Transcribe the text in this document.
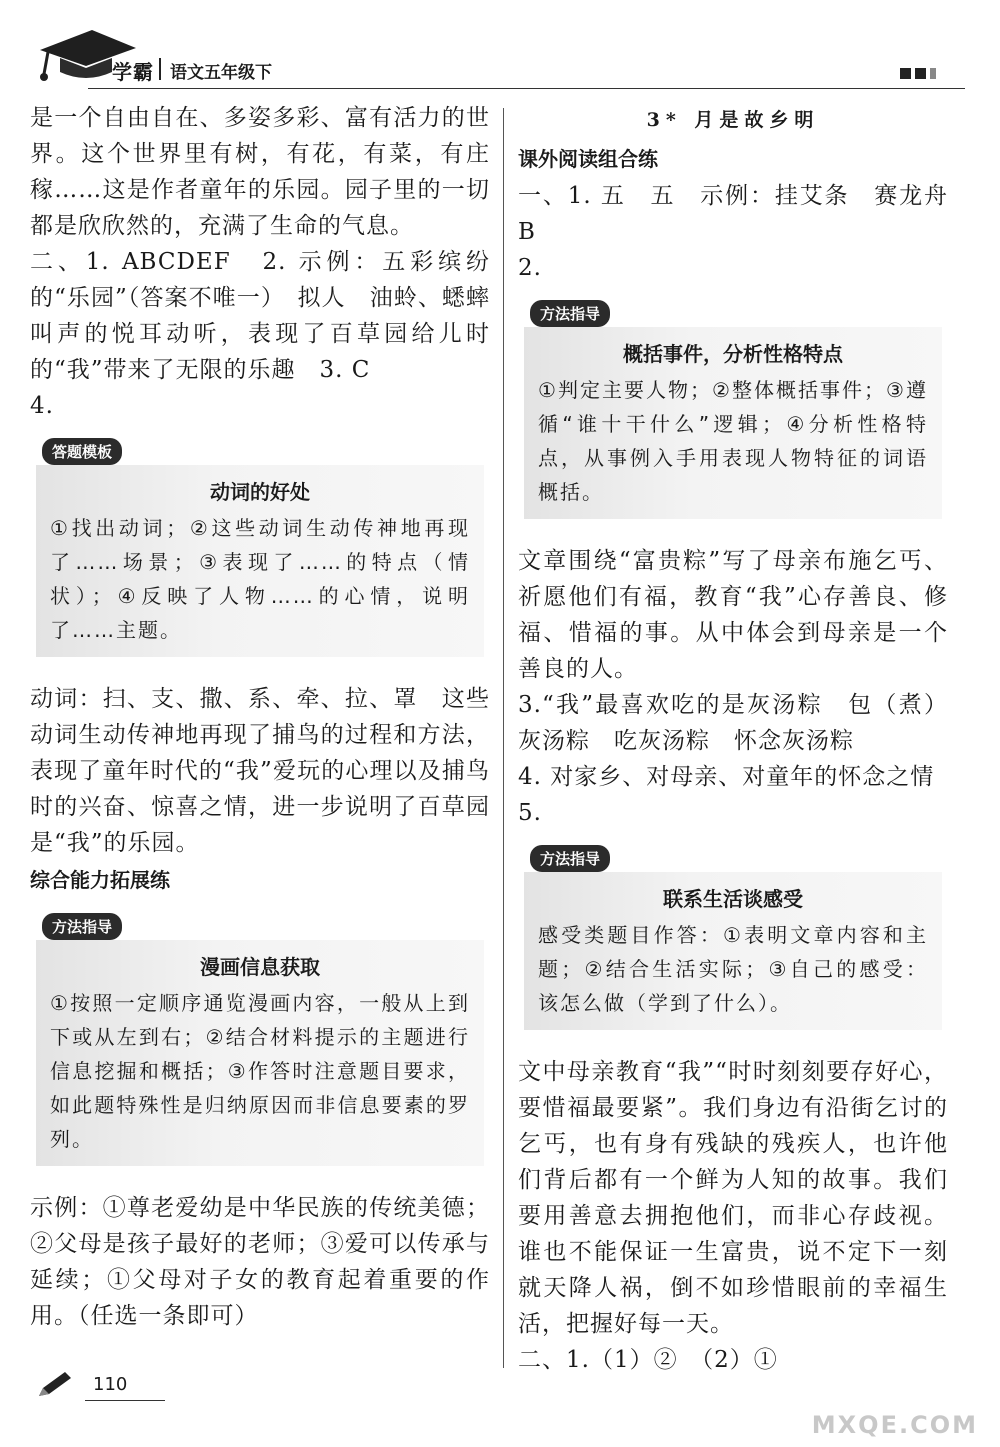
学霸 语文五年级下

是一个自由自在、多姿多彩、富有活力的世界。这个世界里有树，有花，有菜，有庄稼……这是作者童年的乐园。园子里的一切都是欣欣然的，充满了生命的气息。

二、1. ABCDEF　2. 示例：五彩缤纷的“乐园”（答案不唯一）　拟人　油蛉、蟋蟀叫声的悦耳动听，表现了百草园给儿时的“我”带来了无限的乐趣　3. C

4.

答题模板
动词的好处

①找出动词；②这些动词生动传神地再现了……场景；③表现了……的特点（情状）；④反映了人物……的心情，说明了……主题。

动词：扫、支、撒、系、牵、拉、罩　这些动词生动传神地再现了捕鸟的过程和方法，表现了童年时代的“我”爱玩的心理以及捕鸟时的兴奋、惊喜之情，进一步说明了百草园是“我”的乐园。

综合能力拓展练

方法指导
漫画信息获取

①按照一定顺序通览漫画内容，一般从上到下或从左到右；②结合材料提示的主题进行信息挖掘和概括；③作答时注意题目要求，如此题特殊性是归纳原因而非信息要素的罗列。

示例：①尊老爱幼是中华民族的传统美德；②父母是孩子最好的老师；③爱可以传承与延续；①父母对子女的教育起着重要的作用。（任选一条即可）

3* 月是故乡明

课外阅读组合练

一、1. 五　五　示例：挂艾条　赛龙舟　B

2.

方法指导
概括事件，分析性格特点

①判定主要人物；②整体概括事件；③遵循“谁十干什么”逻辑；④分析性格特点，从事例入手用表现人物特征的词语概括。

文章围绕“富贵粽”写了母亲布施乞丐、祈愿他们有福，教育“我”心存善良、修福、惜福的事。从中体会到母亲是一个善良的人。

3.“我”最喜欢吃的是灰汤粽　包（煮）灰汤粽　吃灰汤粽　怀念灰汤粽

4. 对家乡、对母亲、对童年的怀念之情

5.

方法指导
联系生活谈感受

感受类题目作答：①表明文章内容和主题；②结合生活实际；③自己的感受：该怎么做（学到了什么）。

文中母亲教育“我”“时时刻刻要存好心，要惜福最要紧”。我们身边有沿街乞讨的乞丐，也有身有残缺的残疾人，也许他们背后都有一个鲜为人知的故事。我们要用善意去拥抱他们，而非心存歧视。谁也不能保证一生富贵，说不定下一刻就天降人祸，倒不如珍惜眼前的幸福生活，把握好每一天。

二、1.（1）②　（2）①

110
MXQE.COM
